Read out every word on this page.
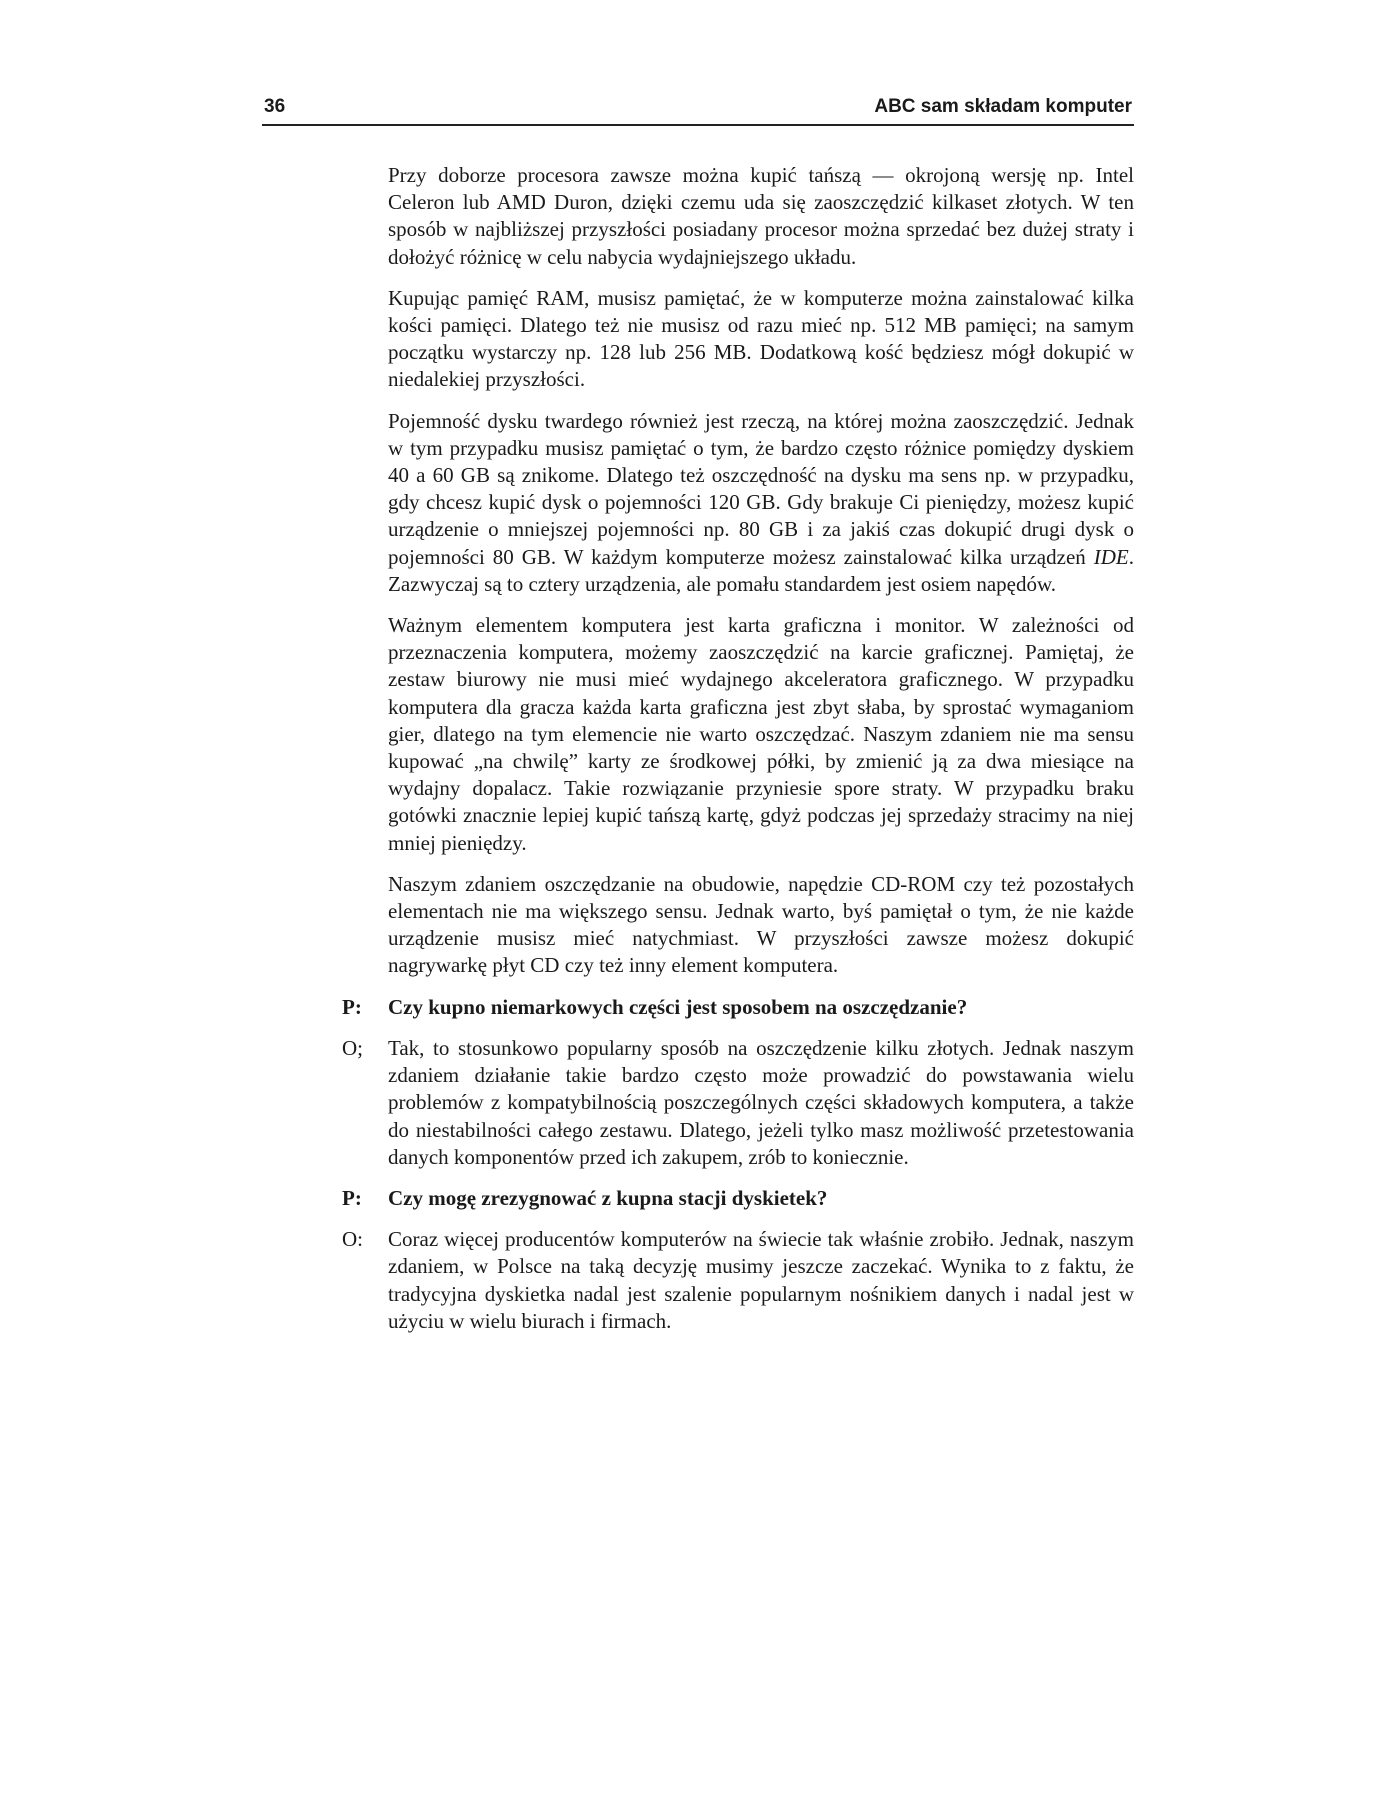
36	ABC sam składam komputer

Przy doborze procesora zawsze można kupić tańszą — okrojoną wersję np. Intel Celeron lub AMD Duron, dzięki czemu uda się zaoszczędzić kilkaset złotych. W ten sposób w najbliższej przyszłości posiadany procesor można sprzedać bez dużej straty i dołożyć różnicę w celu nabycia wydajniejszego układu.

Kupując pamięć RAM, musisz pamiętać, że w komputerze można zainstalować kilka kości pamięci. Dlatego też nie musisz od razu mieć np. 512 MB pamięci; na samym początku wystarczy np. 128 lub 256 MB. Dodatkową kość będziesz mógł dokupić w niedalekiej przyszłości.

Pojemność dysku twardego również jest rzeczą, na której można zaoszczędzić. Jednak w tym przypadku musisz pamiętać o tym, że bardzo często różnice pomiędzy dyskiem 40 a 60 GB są znikome. Dlatego też oszczędność na dysku ma sens np. w przypadku, gdy chcesz kupić dysk o pojemności 120 GB. Gdy brakuje Ci pieniędzy, możesz kupić urządzenie o mniejszej pojemności np. 80 GB i za jakiś czas dokupić drugi dysk o pojemności 80 GB. W każdym komputerze możesz zainstalować kilka urządzeń IDE. Zazwyczaj są to cztery urządzenia, ale pomału standardem jest osiem napędów.

Ważnym elementem komputera jest karta graficzna i monitor. W zależności od przeznaczenia komputera, możemy zaoszczędzić na karcie graficznej. Pamiętaj, że zestaw biurowy nie musi mieć wydajnego akceleratora graficznego. W przypadku komputera dla gracza każda karta graficzna jest zbyt słaba, by sprostać wymaganiom gier, dlatego na tym elemencie nie warto oszczędzać. Naszym zdaniem nie ma sensu kupować „na chwilę” karty ze środkowej półki, by zmienić ją za dwa miesiące na wydajny dopalacz. Takie rozwiązanie przyniesie spore straty. W przypadku braku gotówki znacznie lepiej kupić tańszą kartę, gdyż podczas jej sprzedaży stracimy na niej mniej pieniędzy.

Naszym zdaniem oszczędzanie na obudowie, napędzie CD-ROM czy też pozostałych elementach nie ma większego sensu. Jednak warto, byś pamiętał o tym, że nie każde urządzenie musisz mieć natychmiast. W przyszłości zawsze możesz dokupić nagrywarkę płyt CD czy też inny element komputera.

P: Czy kupno niemarkowych części jest sposobem na oszczędzanie?
O; Tak, to stosunkowo popularny sposób na oszczędzenie kilku złotych. Jednak naszym zdaniem działanie takie bardzo często może prowadzić do powstawania wielu problemów z kompatybilnością poszczególnych części składowych komputera, a także do niestabilności całego zestawu. Dlatego, jeżeli tylko masz możliwość przetestowania danych komponentów przed ich zakupem, zrób to koniecznie.
P: Czy mogę zrezygnować z kupna stacji dyskietek?
O: Coraz więcej producentów komputerów na świecie tak właśnie zrobiło. Jednak, naszym zdaniem, w Polsce na taką decyzję musimy jeszcze zaczekać. Wynika to z faktu, że tradycyjna dyskietka nadal jest szalenie popularnym nośnikiem danych i nadal jest w użyciu w wielu biurach i firmach.
